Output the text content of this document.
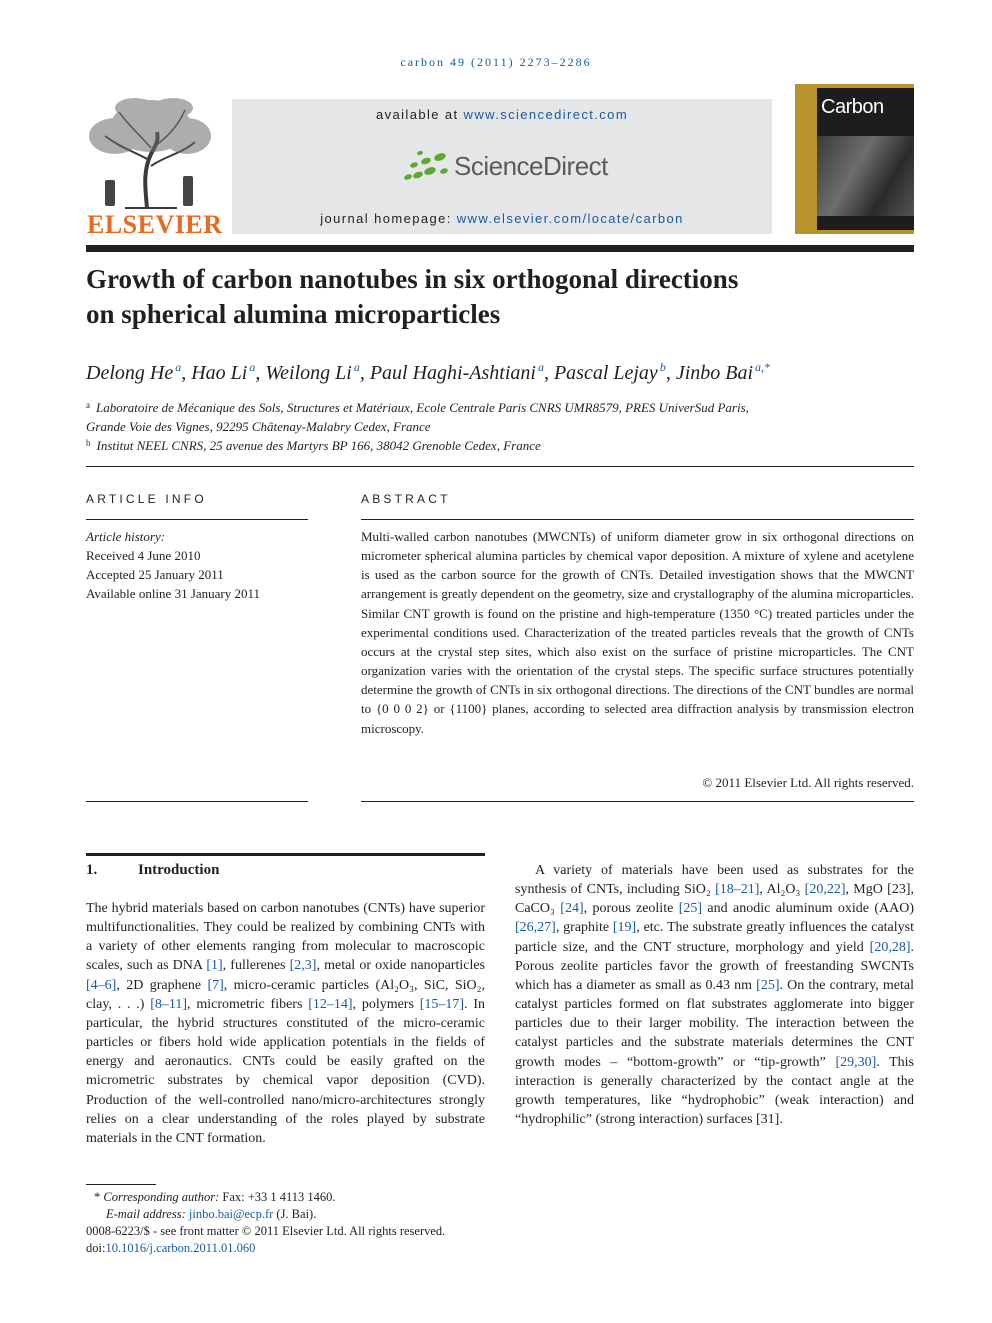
carbon 49 (2011) 2273–2286
ELSEVIER
available at www.sciencedirect.com
ScienceDirect
journal homepage: www.elsevier.com/locate/carbon
Carbon
Growth of carbon nanotubes in six orthogonal directions
on spherical alumina microparticles
Delong He $^a$, Hao Li $^a$, Weilong Li $^a$, Paul Haghi-Ashtiani $^a$, Pascal Lejay $^b$, Jinbo Bai $^{a,*}$
$^a$ Laboratoire de Mécanique des Sols, Structures et Matériaux, Ecole Centrale Paris CNRS UMR8579, PRES UniverSud Paris,
Grande Voie des Vignes, 92295 Châtenay-Malabry Cedex, France
$^b$ Institut NEEL CNRS, 25 avenue des Martyrs BP 166, 38042 Grenoble Cedex, France
ARTICLE INFO
Article history:
Received 4 June 2010
Accepted 25 January 2011
Available online 31 January 2011
ABSTRACT
Multi-walled carbon nanotubes (MWCNTs) of uniform diameter grow in six orthogonal directions on micrometer spherical alumina particles by chemical vapor deposition. A mixture of xylene and acetylene is used as the carbon source for the growth of CNTs. Detailed investigation shows that the MWCNT arrangement is greatly dependent on the geometry, size and crystallography of the alumina microparticles. Similar CNT growth is found on the pristine and high-temperature (1350 °C) treated particles under the experimental conditions used. Characterization of the treated particles reveals that the growth of CNTs occurs at the crystal step sites, which also exist on the surface of pristine microparticles. The CNT organization varies with the orientation of the crystal steps. The specific surface structures potentially determine the growth of CNTs in six orthogonal directions. The directions of the CNT bundles are normal to {0 0 0 2} or {1100} planes, according to selected area diffraction analysis by transmission electron microscopy.
© 2011 Elsevier Ltd. All rights reserved.
1.	Introduction
The hybrid materials based on carbon nanotubes (CNTs) have superior multifunctionalities. They could be realized by combining CNTs with a variety of other elements ranging from molecular to macroscopic scales, such as DNA [1], fullerenes [2,3], metal or oxide nanoparticles [4–6], 2D graphene [7], micro-ceramic particles (Al₂O₃, SiC, SiO₂, clay, . . .) [8–11], micrometric fibers [12–14], polymers [15–17]. In particular, the hybrid structures constituted of the micro-ceramic particles or fibers hold wide application potentials in the fields of energy and aeronautics. CNTs could be easily grafted on the micrometric substrates by chemical vapor deposition (CVD). Production of the well-controlled nano/micro-architectures strongly relies on a clear understanding of the roles played by substrate materials in the CNT formation.
A variety of materials have been used as substrates for the synthesis of CNTs, including SiO₂ [18–21], Al₂O₃ [20,22], MgO [23], CaCO₃ [24], porous zeolite [25] and anodic aluminum oxide (AAO) [26,27], graphite [19], etc. The substrate greatly influences the catalyst particle size, and the CNT structure, morphology and yield [20,28]. Porous zeolite particles favor the growth of freestanding SWCNTs which has a diameter as small as 0.43 nm [25]. On the contrary, metal catalyst particles formed on flat substrates agglomerate into bigger particles due to their larger mobility. The interaction between the catalyst particles and the substrate materials determines the CNT growth modes – “bottom-growth” or “tip-growth” [29,30]. This interaction is generally characterized by the contact angle at the growth temperatures, like “hydrophobic” (weak interaction) and “hydrophilic” (strong interaction) surfaces [31].
* Corresponding author: Fax: +33 1 4113 1460.
E-mail address: jinbo.bai@ecp.fr (J. Bai).
0008-6223/$ - see front matter © 2011 Elsevier Ltd. All rights reserved.
doi:10.1016/j.carbon.2011.01.060
